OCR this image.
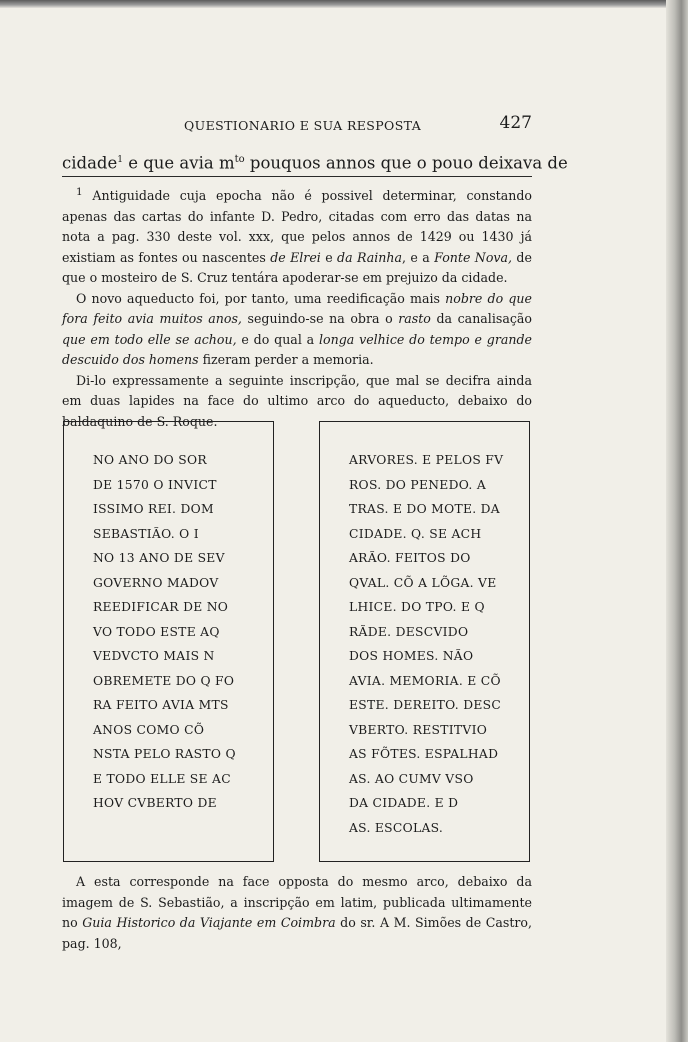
QUESTIONARIO E SUA RESPOSTA	427
cidade$^1$ e que avia $m^{to}$ pouquos annos que o pouo deixava de

$^1$ Antiguidade cuja epocha não é possivel determinar, constando apenas das cartas do infante D. Pedro, citadas com erro das datas na nota a pag. 330 deste vol. xxx, que pelos annos de 1429 ou 1430 já existiam as fontes ou nascentes de Elrei e da Rainha, e a Fonte Nova, de que o mosteiro de S. Cruz tentára apoderar-se em prejuizo da cidade.

O novo aqueducto foi, por tanto, uma reedificação mais nobre do que fora feito avia muitos anos, seguindo-se na obra o rasto da canalisação que em todo elle se achou, e do qual a longa velhice do tempo e grande descuido dos homens fizeram perder a memoria.

Di-lo expressamente a seguinte inscripção, que mal se decifra ainda em duas lapides na face do ultimo arco do aqueducto, debaixo do baldaquino de S. Roque.

NO ANO DO SOR
DE 1570 O INVICT
ISSIMO REI. DOM
SEBASTIÃO. O I
NO 13 ANO DE SEV
GOVERNO MADOV
REEDIFICAR DE NO
VO TODO ESTE AQ
VEDVCTO MAIS N
OBREMETE DO Q FO
RA FEITO AVIA MTS
ANOS COMO CÕ
NSTA PELO RASTO Q
E TODO ELLE SE AC
HOV CVBERTO DE
ARVORES. E PELOS FV
ROS. DO PENEDO. A
TRAS. E DO MOTE. DA
CIDADE. Q. SE ACH
ARÃO. FEITOS DO
QVAL. CÕ A LÕGA. VE
LHICE. DO TPO. E Q
RÃDE. DESCVIDO
DOS HOMES. NÃO
AVIA. MEMORIA. E CÕ
ESTE. DEREITO. DESC
VBERTO. RESTITVIO
AS FÕTES. ESPALHAD
AS. AO CUMV VSO
DA CIDADE. E D
AS. ESCOLAS.

A esta corresponde na face opposta do mesmo arco, debaixo da imagem de S. Sebastião, a inscripção em latim, publicada ultimamente no Guia Historico da Viajante em Coimbra do sr. A M. Simões de Castro, pag. 108,
